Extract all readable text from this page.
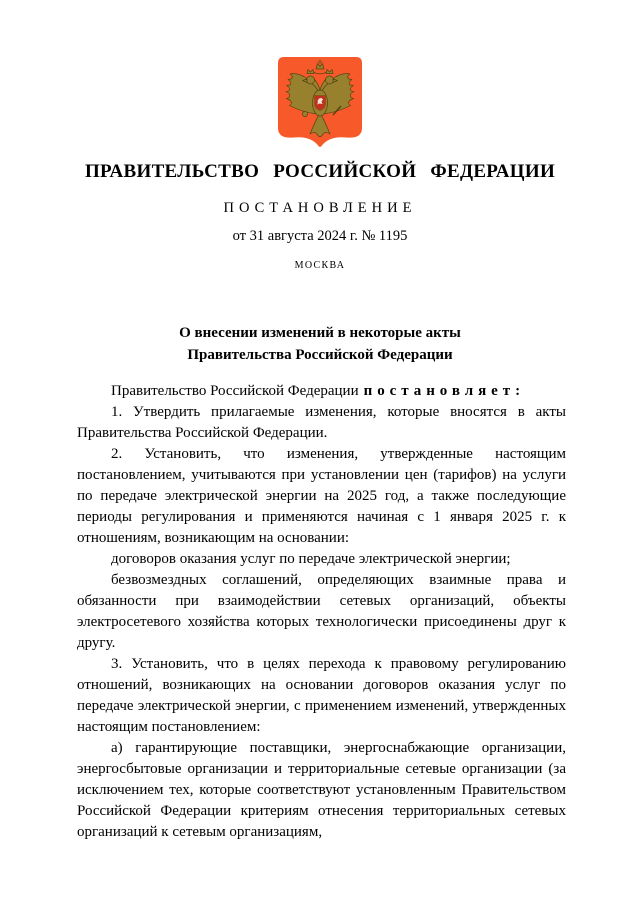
ПРАВИТЕЛЬСТВО РОССИЙСКОЙ ФЕДЕРАЦИИ
ПОСТАНОВЛЕНИЕ
от 31 августа 2024 г. № 1195
МОСКВА
О внесении изменений в некоторые акты
Правительства Российской Федерации

Правительство Российской Федерации постановляет:

1. Утвердить прилагаемые изменения, которые вносятся в акты Правительства Российской Федерации.

2. Установить, что изменения, утвержденные настоящим постановлением, учитываются при установлении цен (тарифов) на услуги по передаче электрической энергии на 2025 год, а также последующие периоды регулирования и применяются начиная с 1 января 2025 г. к отношениям, возникающим на основании:

договоров оказания услуг по передаче электрической энергии;

безвозмездных соглашений, определяющих взаимные права и обязанности при взаимодействии сетевых организаций, объекты электросетевого хозяйства которых технологически присоединены друг к другу.

3. Установить, что в целях перехода к правовому регулированию отношений, возникающих на основании договоров оказания услуг по передаче электрической энергии, с применением изменений, утвержденных настоящим постановлением:

а) гарантирующие поставщики, энергоснабжающие организации, энергосбытовые организации и территориальные сетевые организации (за исключением тех, которые соответствуют установленным Правительством Российской Федерации критериям отнесения территориальных сетевых организаций к сетевым организациям,
